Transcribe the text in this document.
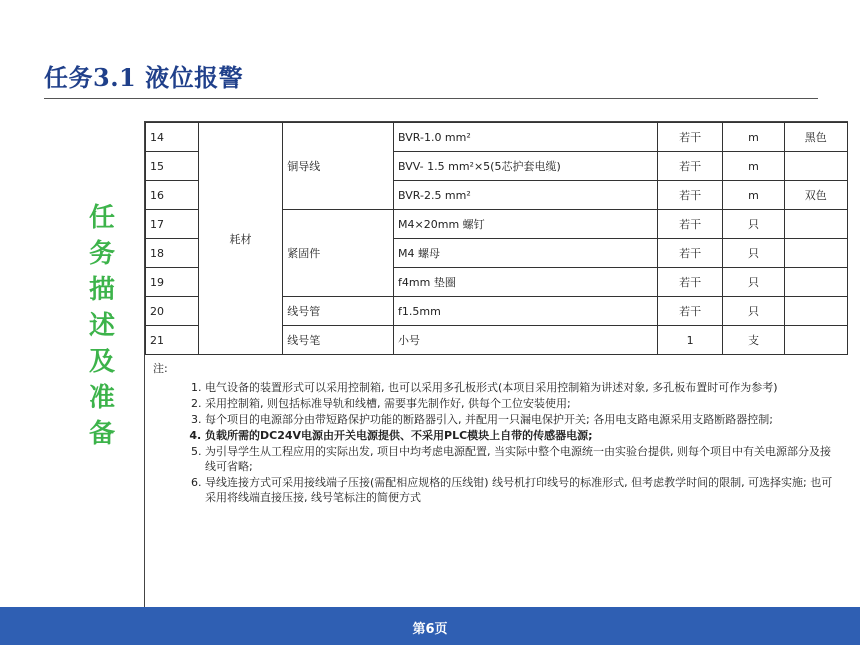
任务3.1 液位报警
任
务
描
述
及
准
备
14	耗材	铜导线	BVR-1.0 mm²	若干	m	黑色
15			BVV- 1.5 mm²×5(5芯护套电缆)	若干	m	
16			BVR-2.5 mm²	若干	m	双色
17		紧固件	M4×20mm 螺钉	若干	只	
18			M4 螺母	若干	只	
19			f4mm 垫圈	若干	只	
20		线号管	f1.5mm	若干	只	
21		线号笔	小号	1	支	
注:
1. 电气设备的装置形式可以采用控制箱, 也可以采用多孔板形式(本项目采用控制箱为讲述对象, 多孔板布置时可作为参考)
2. 采用控制箱, 则包括标准导轨和线槽, 需要事先制作好, 供每个工位安装使用;
3. 每个项目的电源部分由带短路保护功能的断路器引入, 并配用一只漏电保护开关; 各用电支路电源采用支路断路器控制;
4. 负载所需的DC24V电源由开关电源提供、不采用PLC模块上自带的传感器电源;
5. 为引导学生从工程应用的实际出发, 项目中均考虑电源配置, 当实际中整个电源统一由实验台提供, 则每个项目中有关电源部分及接线可省略;
6. 导线连接方式可采用接线端子压接(需配相应规格的压线钳) 线号机打印线号的标准形式, 但考虑教学时间的限制, 可选择实施; 也可采用将线端直接压接, 线号笔标注的简便方式
第6页
